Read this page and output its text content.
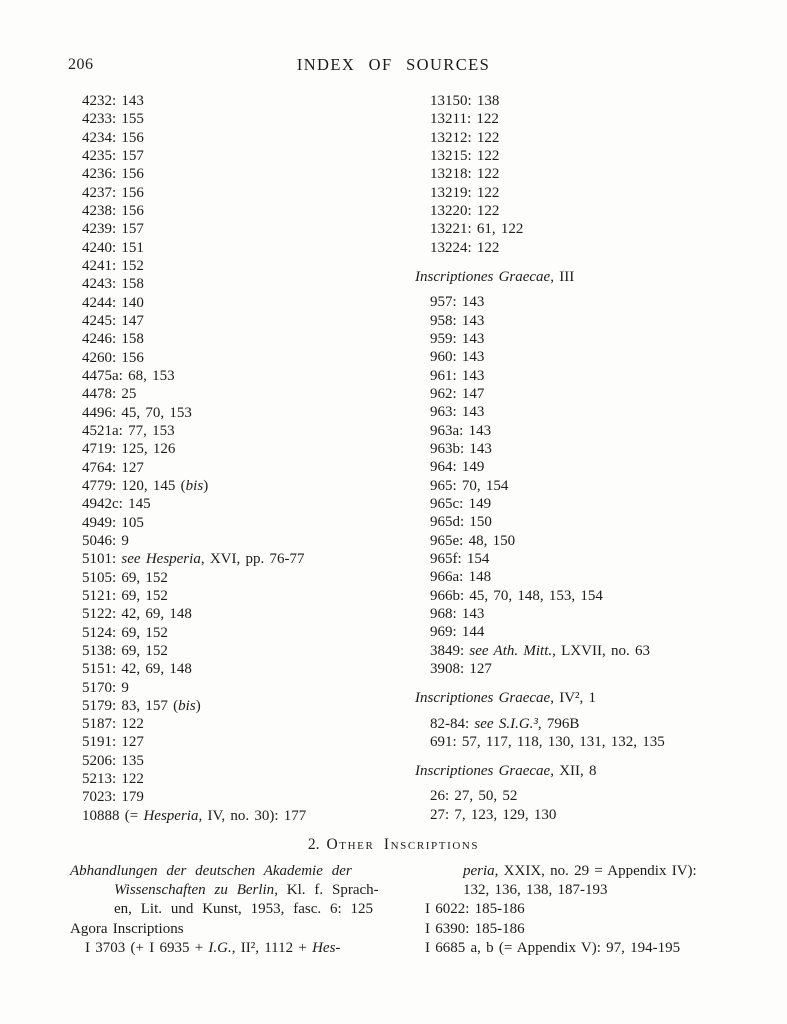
206	INDEX OF SOURCES
4232: 143
4233: 155
4234: 156
4235: 157
4236: 156
4237: 156
4238: 156
4239: 157
4240: 151
4241: 152
4243: 158
4244: 140
4245: 147
4246: 158
4260: 156
4475a: 68, 153
4478: 25
4496: 45, 70, 153
4521a: 77, 153
4719: 125, 126
4764: 127
4779: 120, 145 (bis)
4942c: 145
4949: 105
5046: 9
5101: see Hesperia, XVI, pp. 76-77
5105: 69, 152
5121: 69, 152
5122: 42, 69, 148
5124: 69, 152
5138: 69, 152
5151: 42, 69, 148
5170: 9
5179: 83, 157 (bis)
5187: 122
5191: 127
5206: 135
5213: 122
7023: 179
10888 (= Hesperia, IV, no. 30): 177
13150: 138
13211: 122
13212: 122
13215: 122
13218: 122
13219: 122
13220: 122
13221: 61, 122
13224: 122
Inscriptiones Graecae, III
957: 143
958: 143
959: 143
960: 143
961: 143
962: 147
963: 143
963a: 143
963b: 143
964: 149
965: 70, 154
965c: 149
965d: 150
965e: 48, 150
965f: 154
966a: 148
966b: 45, 70, 148, 153, 154
968: 143
969: 144
3849: see Ath. Mitt., LXVII, no. 63
3908: 127
Inscriptiones Graecae, IV², 1
82-84: see S.I.G.³, 796B
691: 57, 117, 118, 130, 131, 132, 135
Inscriptiones Graecae, XII, 8
26: 27, 50, 52
27: 7, 123, 129, 130
2. Other Inscriptions
Abhandlungen der deutschen Akademie der
Wissenschaften zu Berlin, Kl. f. Sprach-
en, Lit. und Kunst, 1953, fasc. 6: 125
Agora Inscriptions
I 3703 (+ I 6935 + I.G., II², 1112 + Hes-
peria, XXIX, no. 29 = Appendix IV):
132, 136, 138, 187-193
I 6022: 185-186
I 6390: 185-186
I 6685 a, b (= Appendix V): 97, 194-195
